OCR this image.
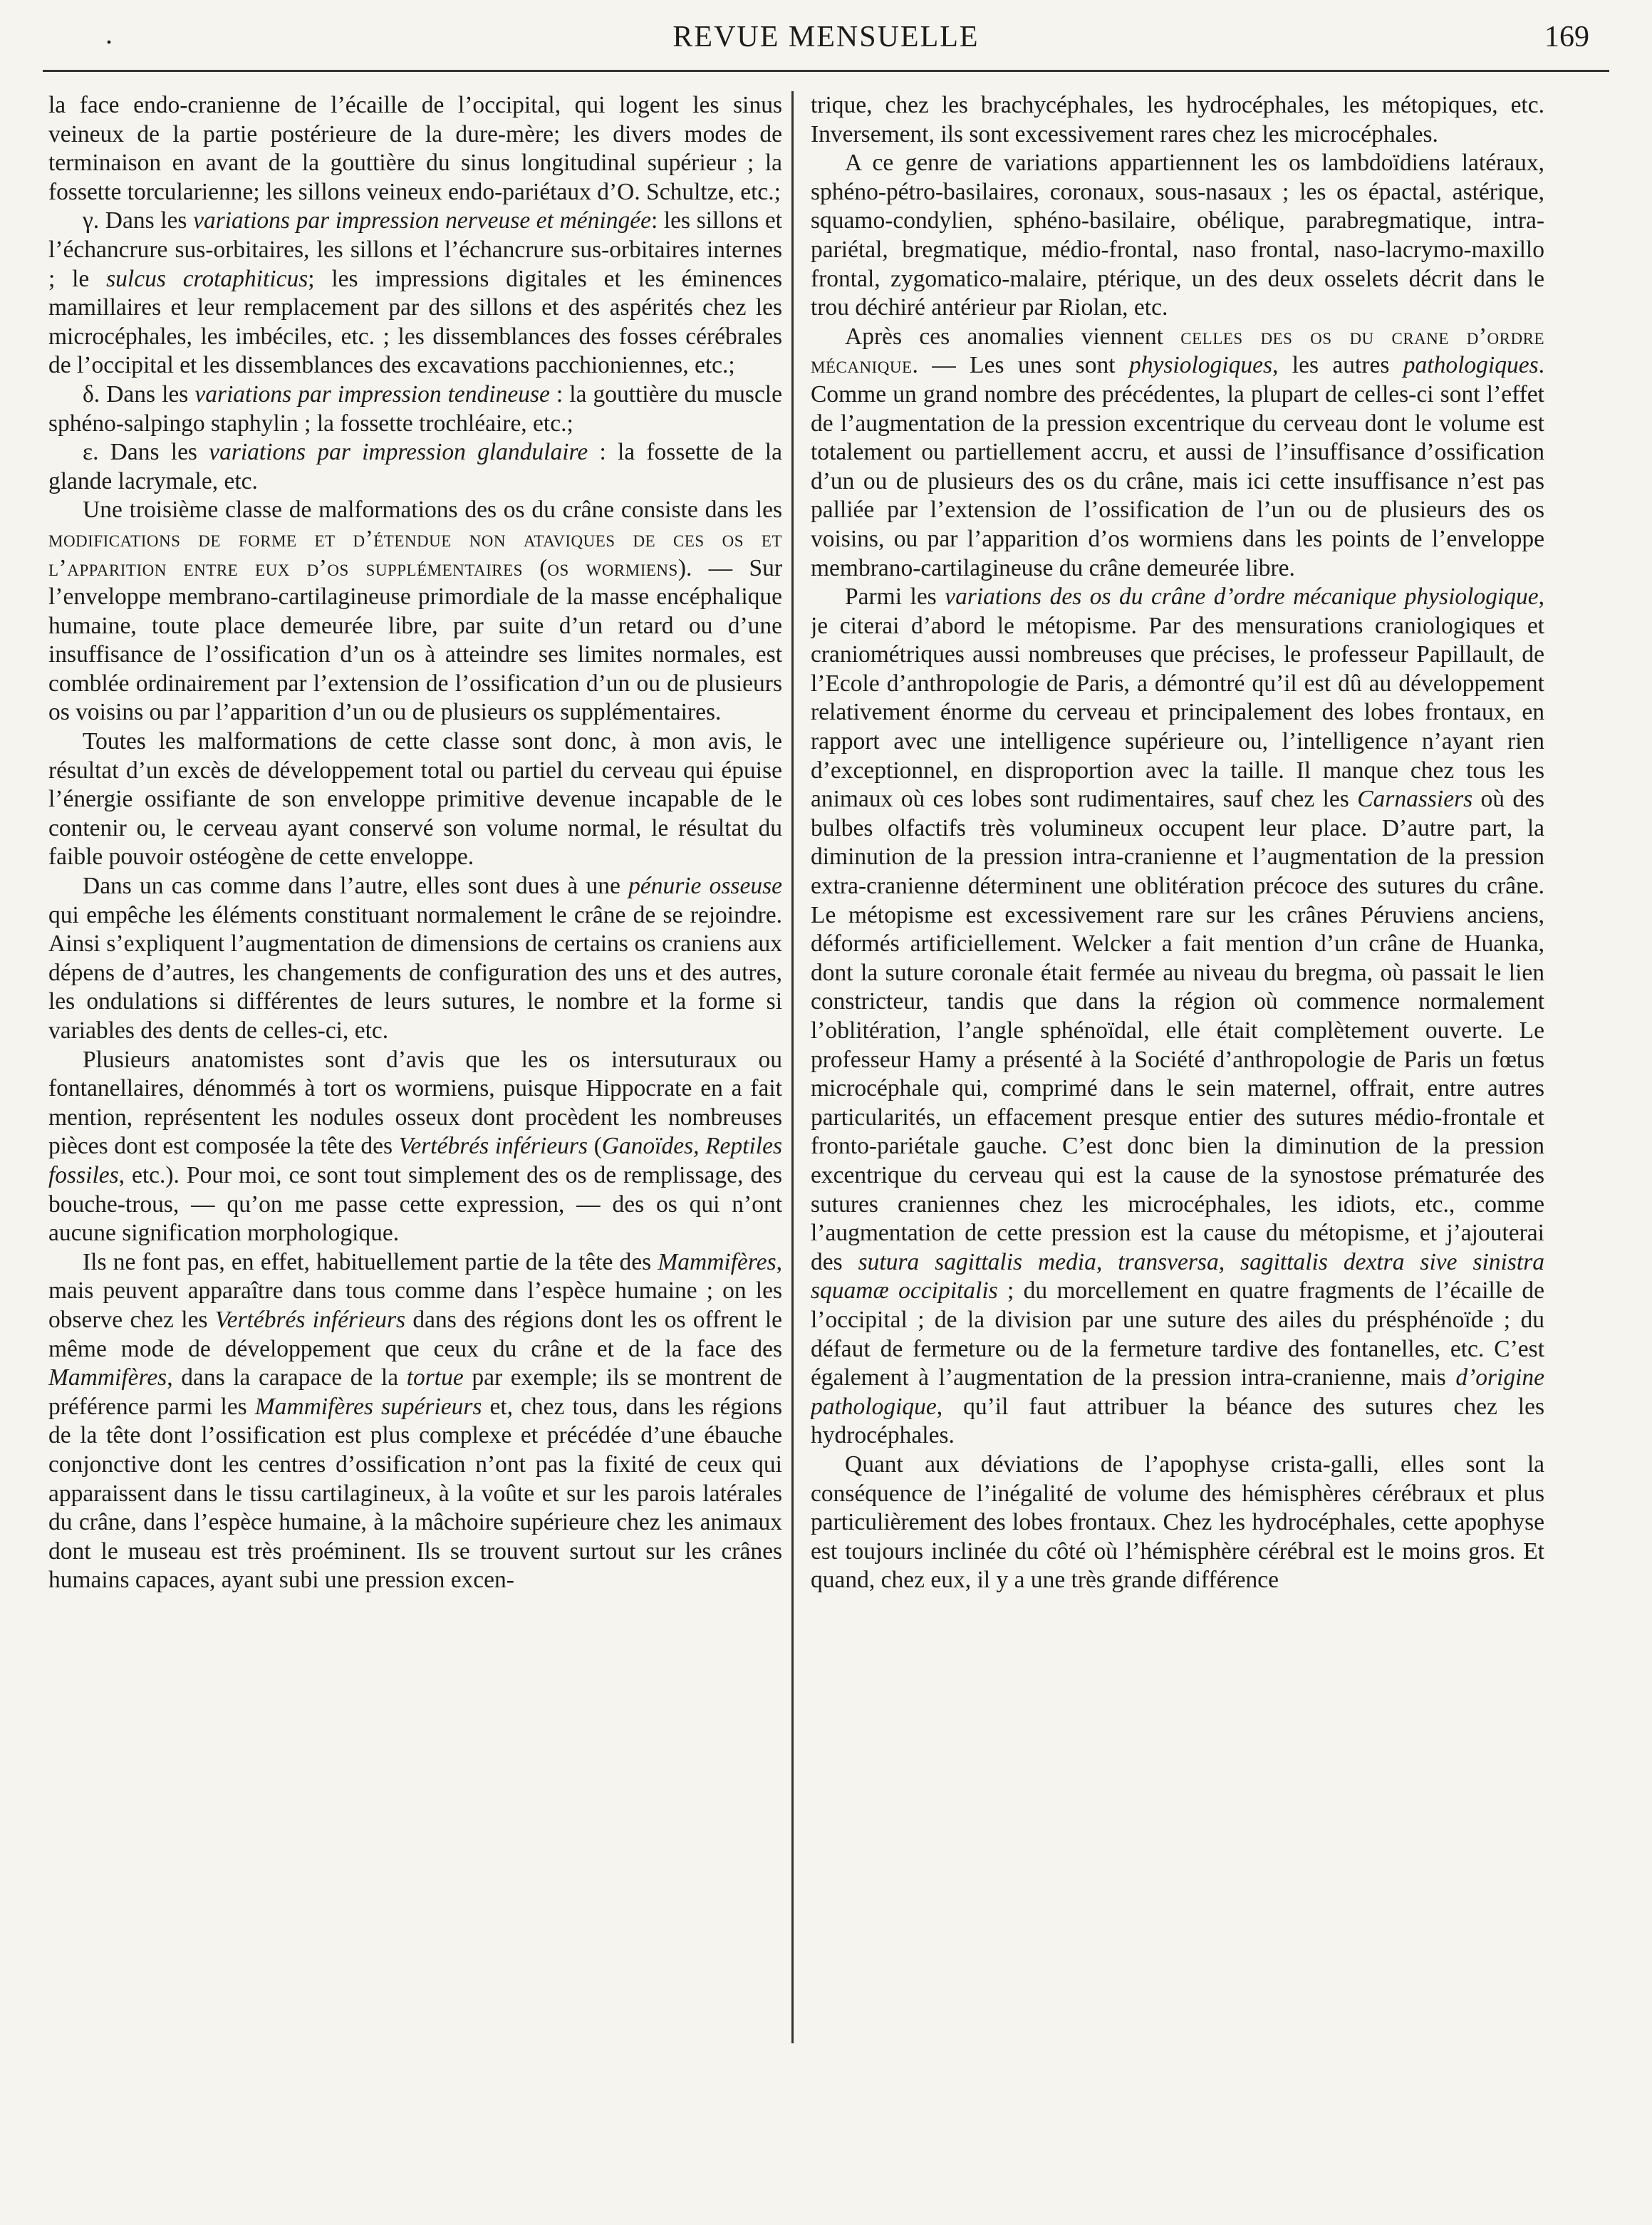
.	REVUE MENSUELLE	169

la face endo-cranienne de l’écaille de l’occipital, qui logent les sinus veineux de la partie postérieure de la dure-mère; les divers modes de terminaison en avant de la gouttière du sinus longitudinal supérieur ; la fossette torcularienne; les sillons veineux endo-pariétaux d’O. Schultze, etc.;

γ. Dans les variations par impression nerveuse et méningée: les sillons et l’échancrure sus-orbitaires, les sillons et l’échancrure sus-orbitaires internes ; le sulcus crotaphiticus; les impressions digitales et les éminences mamillaires et leur remplacement par des sillons et des aspérités chez les microcéphales, les imbéciles, etc. ; les dissemblances des fosses cérébrales de l’occipital et les dissemblances des excavations pacchioniennes, etc.;

δ. Dans les variations par impression tendineuse : la gouttière du muscle sphéno-salpingo staphylin ; la fossette trochléaire, etc.;

ε. Dans les variations par impression glandulaire : la fossette de la glande lacrymale, etc.

Une troisième classe de malformations des os du crâne consiste dans les modifications de forme et d’étendue non ataviques de ces os et l’apparition entre eux d’os supplémentaires (os wormiens). — Sur l’enveloppe membrano-cartilagineuse primordiale de la masse encéphalique humaine, toute place demeurée libre, par suite d’un retard ou d’une insuffisance de l’ossification d’un os à atteindre ses limites normales, est comblée ordinairement par l’extension de l’ossification d’un ou de plusieurs os voisins ou par l’apparition d’un ou de plusieurs os supplémentaires.

Toutes les malformations de cette classe sont donc, à mon avis, le résultat d’un excès de développement total ou partiel du cerveau qui épuise l’énergie ossifiante de son enveloppe primitive devenue incapable de le contenir ou, le cerveau ayant conservé son volume normal, le résultat du faible pouvoir ostéogène de cette enveloppe.

Dans un cas comme dans l’autre, elles sont dues à une pénurie osseuse qui empêche les éléments constituant normalement le crâne de se rejoindre. Ainsi s’expliquent l’augmentation de dimensions de certains os craniens aux dépens de d’autres, les changements de configuration des uns et des autres, les ondulations si différentes de leurs sutures, le nombre et la forme si variables des dents de celles-ci, etc.

Plusieurs anatomistes sont d’avis que les os intersuturaux ou fontanellaires, dénommés à tort os wormiens, puisque Hippocrate en a fait mention, représentent les nodules osseux dont procèdent les nombreuses pièces dont est composée la tête des Vertébrés inférieurs (Ganoïdes, Reptiles fossiles, etc.). Pour moi, ce sont tout simplement des os de remplissage, des bouche-trous, — qu’on me passe cette expression, — des os qui n’ont aucune signification morphologique.

Ils ne font pas, en effet, habituellement partie de la tête des Mammifères, mais peuvent apparaître dans tous comme dans l’espèce humaine ; on les observe chez les Vertébrés inférieurs dans des régions dont les os offrent le même mode de développement que ceux du crâne et de la face des Mammifères, dans la carapace de la tortue par exemple; ils se montrent de préférence parmi les Mammifères supérieurs et, chez tous, dans les régions de la tête dont l’ossification est plus complexe et précédée d’une ébauche conjonctive dont les centres d’ossification n’ont pas la fixité de ceux qui apparaissent dans le tissu cartilagineux, à la voûte et sur les parois latérales du crâne, dans l’espèce humaine, à la mâchoire supérieure chez les animaux dont le museau est très proéminent. Ils se trouvent surtout sur les crânes humains capaces, ayant subi une pression excen-

trique, chez les brachycéphales, les hydrocéphales, les métopiques, etc. Inversement, ils sont excessivement rares chez les microcéphales.

A ce genre de variations appartiennent les os lambdoïdiens latéraux, sphéno-pétro-basilaires, coronaux, sous-nasaux ; les os épactal, astérique, squamo-condylien, sphéno-basilaire, obélique, parabregmatique, intra-pariétal, bregmatique, médio-frontal, naso frontal, naso-lacrymo-maxillo frontal, zygomatico-malaire, ptérique, un des deux osselets décrit dans le trou déchiré antérieur par Riolan, etc.

Après ces anomalies viennent celles des os du crane d’ordre mécanique. — Les unes sont physiologiques, les autres pathologiques. Comme un grand nombre des précédentes, la plupart de celles-ci sont l’effet de l’augmentation de la pression excentrique du cerveau dont le volume est totalement ou partiellement accru, et aussi de l’insuffisance d’ossification d’un ou de plusieurs des os du crâne, mais ici cette insuffisance n’est pas palliée par l’extension de l’ossification de l’un ou de plusieurs des os voisins, ou par l’apparition d’os wormiens dans les points de l’enveloppe membrano-cartilagineuse du crâne demeurée libre.

Parmi les variations des os du crâne d’ordre mécanique physiologique, je citerai d’abord le métopisme. Par des mensurations craniologiques et craniométriques aussi nombreuses que précises, le professeur Papillault, de l’Ecole d’anthropologie de Paris, a démontré qu’il est dû au développement relativement énorme du cerveau et principalement des lobes frontaux, en rapport avec une intelligence supérieure ou, l’intelligence n’ayant rien d’exceptionnel, en disproportion avec la taille. Il manque chez tous les animaux où ces lobes sont rudimentaires, sauf chez les Carnassiers où des bulbes olfactifs très volumineux occupent leur place. D’autre part, la diminution de la pression intra-cranienne et l’augmentation de la pression extra-cranienne déterminent une oblitération précoce des sutures du crâne. Le métopisme est excessivement rare sur les crânes Péruviens anciens, déformés artificiellement. Welcker a fait mention d’un crâne de Huanka, dont la suture coronale était fermée au niveau du bregma, où passait le lien constricteur, tandis que dans la région où commence normalement l’oblitération, l’angle sphénoïdal, elle était complètement ouverte. Le professeur Hamy a présenté à la Société d’anthropologie de Paris un fœtus microcéphale qui, comprimé dans le sein maternel, offrait, entre autres particularités, un effacement presque entier des sutures médio-frontale et fronto-pariétale gauche. C’est donc bien la diminution de la pression excentrique du cerveau qui est la cause de la synostose prématurée des sutures craniennes chez les microcéphales, les idiots, etc., comme l’augmentation de cette pression est la cause du métopisme, et j’ajouterai des sutura sagittalis media, transversa, sagittalis dextra sive sinistra squamæ occipitalis ; du morcellement en quatre fragments de l’écaille de l’occipital ; de la division par une suture des ailes du présphénoïde ; du défaut de fermeture ou de la fermeture tardive des fontanelles, etc. C’est également à l’augmentation de la pression intra-cranienne, mais d’origine pathologique, qu’il faut attribuer la béance des sutures chez les hydrocéphales.

Quant aux déviations de l’apophyse crista-galli, elles sont la conséquence de l’inégalité de volume des hémisphères cérébraux et plus particulièrement des lobes frontaux. Chez les hydrocéphales, cette apophyse est toujours inclinée du côté où l’hémisphère cérébral est le moins gros. Et quand, chez eux, il y a une très grande différence
